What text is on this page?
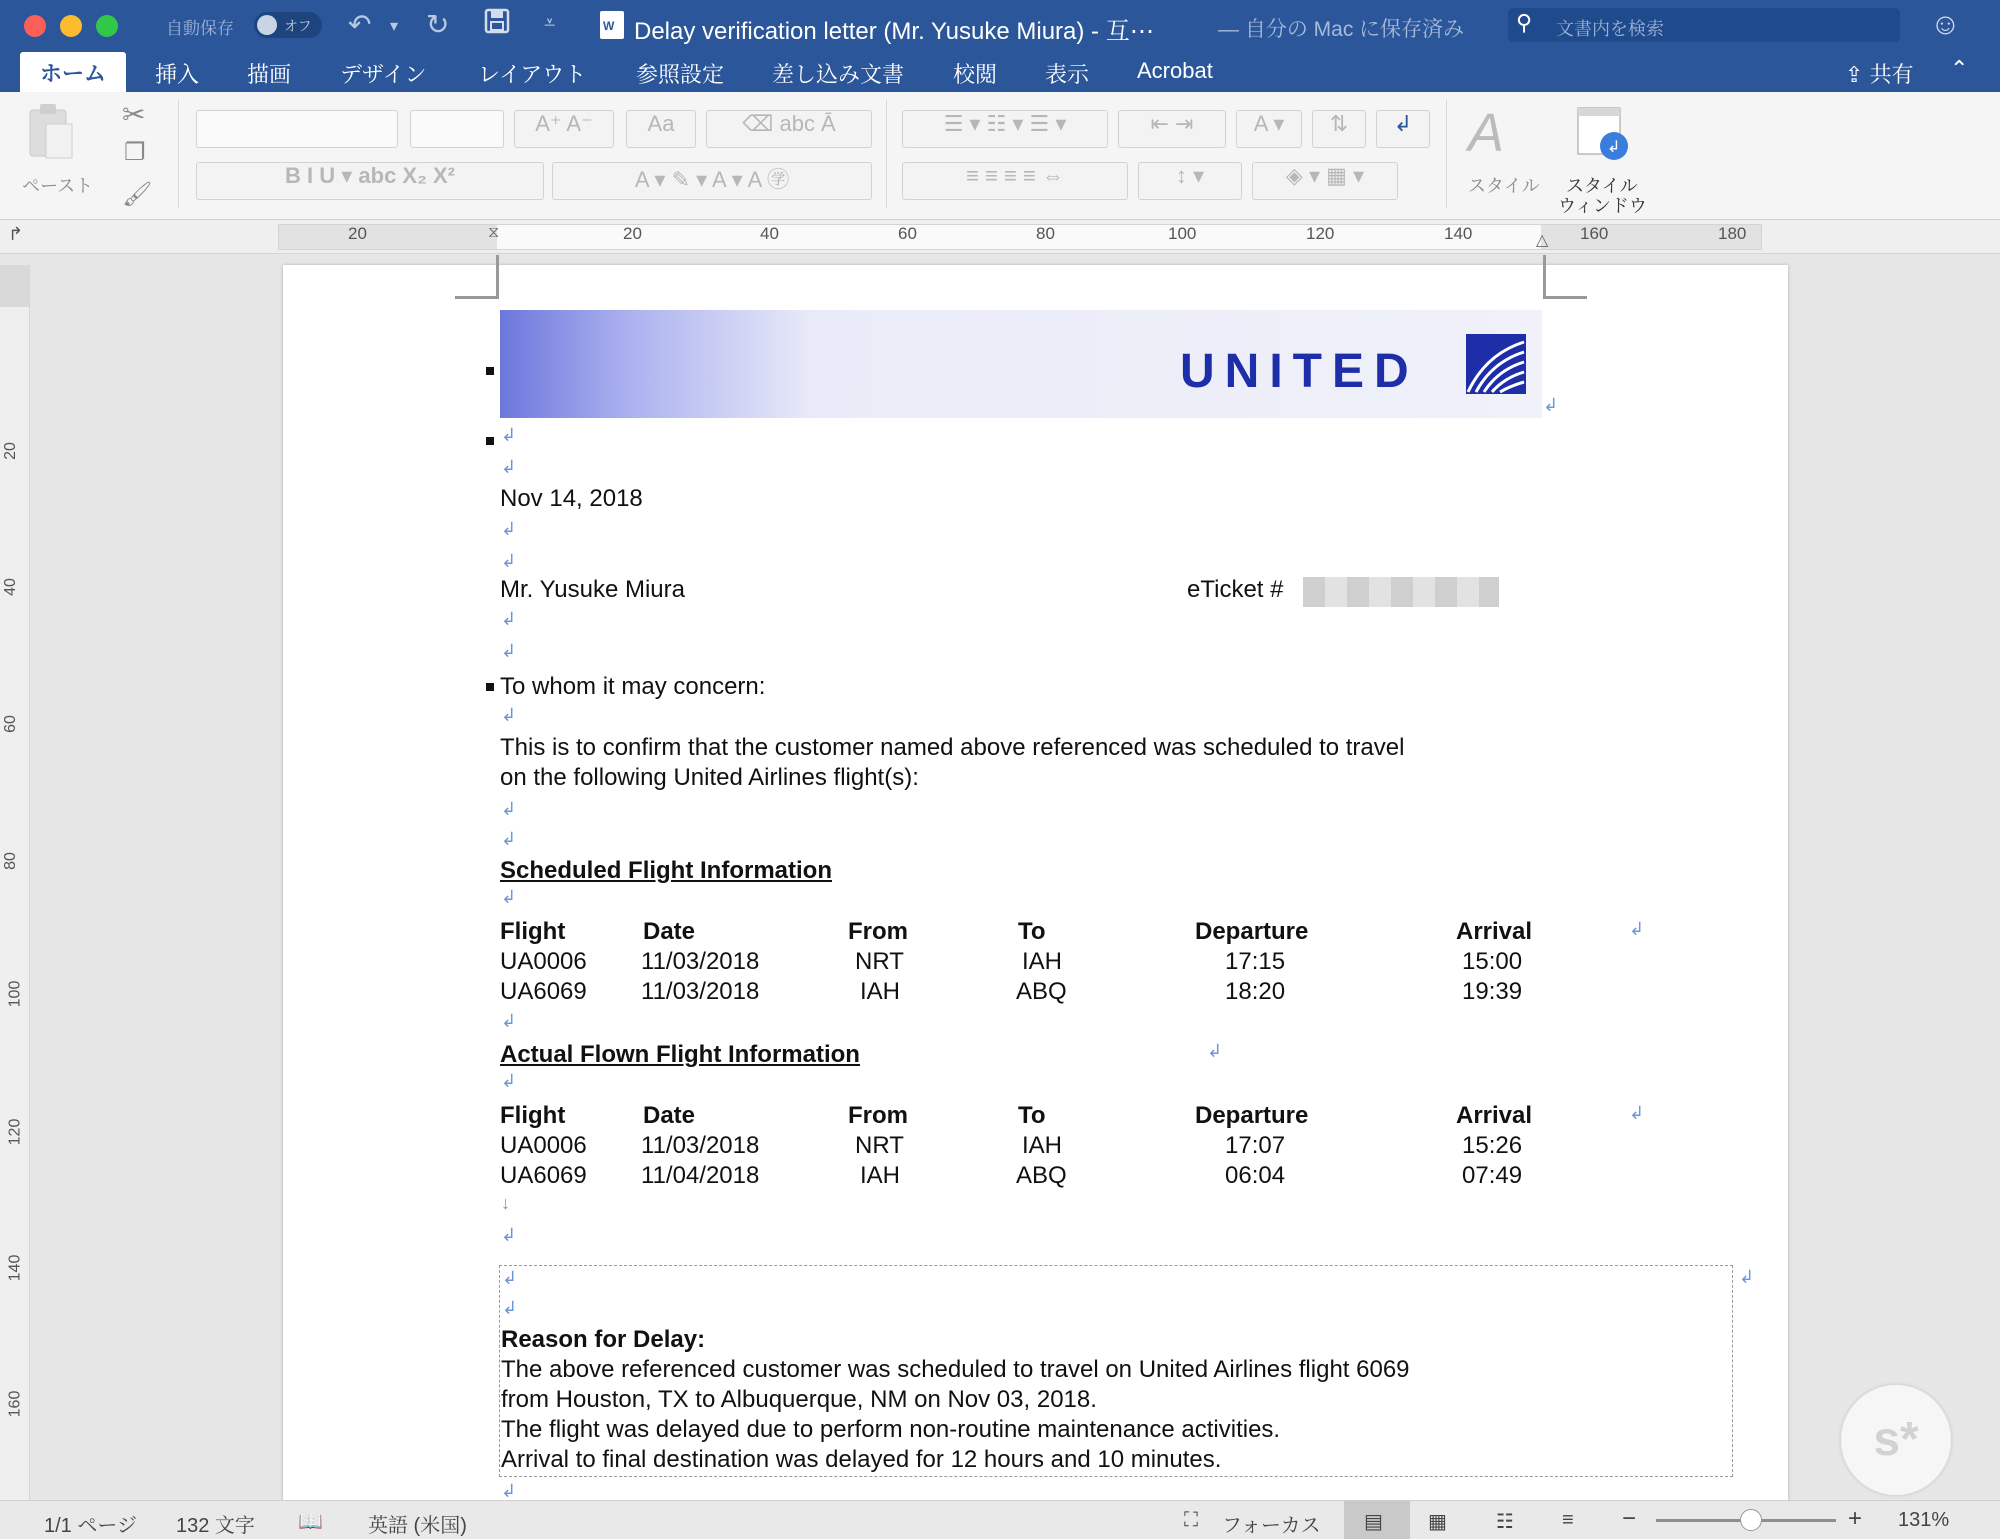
自動保存	オフ ↶ ▾ ↻	⩡	W Delay verification letter (Mr. Yusuke Miura) - 互⋯	— 自分の Mac に保存済み ⚲ 文書内を検索	☺
ホーム	挿入 描画 デザイン レイアウト 参照設定 差し込み文書 校閲 表示 Acrobat	⇪ 共有 ⌃
ペースト
✂
❐
🖌
A⁺ A⁻	Aa	⌫ abc Ā
B I U ▾ abc X₂ X²	A ▾ ✎ ▾ A ▾ A ㊫
☰ ▾ ☷ ▾ ☰ ▾	⇤ ⇥	A ▾	⇅	↲
≡ ≡ ≡ ≡ ⇔	↕ ▾	◈ ▾ ▦ ▾
A
スタイル
↲
スタイル
ウィンドウ
↱	20	20	40	60	80	100	120	140	160	180
⧖	△
20
40
60
80
100
120
140
160
UNITED
↲
↲
↲
Nov 14, 2018
↲
↲
Mr. Yusuke Miura	eTicket #
↲
↲
To whom it may concern:
↲
This is to confirm that the customer named above referenced was scheduled to travel
on the following United Airlines flight(s):
↲
↲
Scheduled Flight Information
↲
Flight	Date	From	To	Departure	Arrival	↲
UA0006 11/03/2018	NRT	IAH	17:15	15:00
UA6069 11/03/2018	IAH	ABQ	18:20	19:39
↲
Actual Flown Flight Information	↲
↲
Flight	Date	From	To	Departure	Arrival	↲
UA0006 11/03/2018	NRT	IAH	17:07	15:26
UA6069 11/04/2018	IAH	ABQ	06:04	07:49
↓
↲
↲
↲
Reason for Delay:
The above referenced customer was scheduled to travel on United Airlines flight 6069
from Houston, TX to Albuquerque, NM on Nov 03, 2018.
The flight was delayed due to perform non-routine maintenance activities.
Arrival to final destination was delayed for 12 hours and 10 minutes.
↲
↲
s*
1/1 ページ 132 文字 📖 英語 (米国)	⛶ フォーカス ▤ ▦ ☷ ≡ −	+ 131%
